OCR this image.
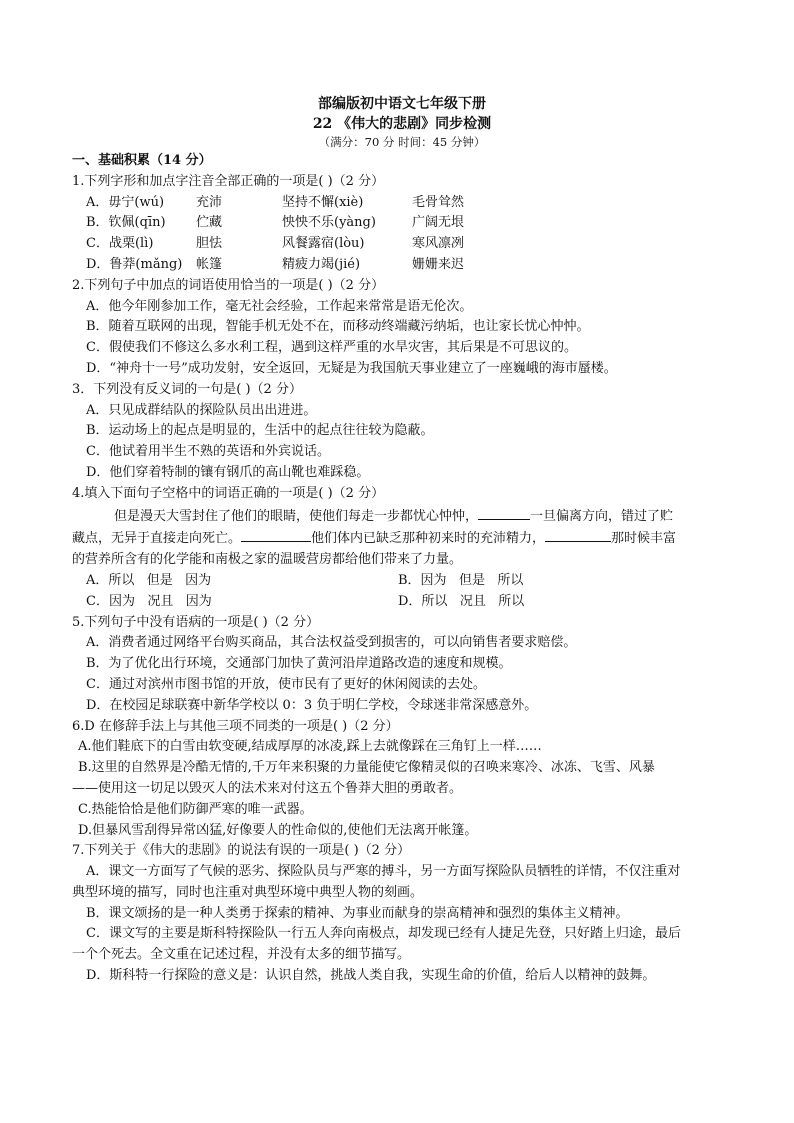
部编版初中语文七年级下册
22 《伟大的悲剧》同步检测
（满分：70 分 时间：45 分钟）
一、基础积累（14 分）
1.下列字形和加点字注音全部正确的一项是( )（2 分）
A．毋宁(wú)	充沛	坚持不懈(xiè)	毛骨耸然
B．钦佩(qīn)	伫藏	怏怏不乐(yàng)	广阔无垠
C．战栗(lì)	胆怯	风餐露宿(lòu)	寒风凛冽
D．鲁莽(mǎng)	帐篷	精疲力竭(jié)	姗姗来迟
2.下列句子中加点的词语使用恰当的一项是( )（2 分）
A．他今年刚参加工作，毫无社会经验，工作起来常常是语无伦次。
B．随着互联网的出现，智能手机无处不在，而移动终端藏污纳垢，也让家长忧心忡忡。
C．假使我们不修这么多水利工程，遇到这样严重的水旱灾害，其后果是不可思议的。
D．“神舟十一号”成功发射，安全返回，无疑是为我国航天事业建立了一座巍峨的海市蜃楼。
3．下列没有反义词的一句是( )（2 分）
A．只见成群结队的探险队员出出进进。
B．运动场上的起点是明显的，生活中的起点往往较为隐蔽。
C．他试着用半生不熟的英语和外宾说话。
D．他们穿着特制的镶有钢爪的高山靴也难踩稳。
4.填入下面句子空格中的词语正确的一项是( )（2 分）
但是漫天大雪封住了他们的眼睛，使他们每走一步都忧心忡忡，	一旦偏离方向，错过了贮
藏点，无异于直接走向死亡。	他们体内已缺乏那种初来时的充沛精力，	那时候丰富
的营养所含有的化学能和南极之家的温暖营房都给他们带来了力量。
A．所以   但是   因为	B．因为   但是   所以
C．因为   况且   因为	D．所以   况且   所以
5.下列句子中没有语病的一项是( )（2 分）
A．消费者通过网络平台购买商品，其合法权益受到损害的，可以向销售者要求赔偿。
B．为了优化出行环境，交通部门加快了黄河沿岸道路改造的速度和规模。
C．通过对滨州市图书馆的开放，使市民有了更好的休闲阅读的去处。
D．在校园足球联赛中新华学校以 0：3 负于明仁学校，令球迷非常深感意外。
6.D 在修辞手法上与其他三项不同类的一项是( )（2 分）
A.他们鞋底下的白雪由软变硬,结成厚厚的冰凌,踩上去就像踩在三角钉上一样……
B.这里的自然界是冷酷无情的,千万年来积聚的力量能使它像精灵似的召唤来寒冷、冰冻、飞雪、风暴
——使用这一切足以毁灭人的法术来对付这五个鲁莽大胆的勇敢者。
C.热能恰恰是他们防御严寒的唯一武器。
D.但暴风雪刮得异常凶猛,好像要人的性命似的,使他们无法离开帐篷。
7.下列关于《伟大的悲剧》的说法有误的一项是( )（2 分）
A．课文一方面写了气候的恶劣、探险队员与严寒的搏斗，另一方面写探险队员牺牲的详情，不仅注重对
典型环境的描写，同时也注重对典型环境中典型人物的刻画。
B．课文颂扬的是一种人类勇于探索的精神、为事业而献身的崇高精神和强烈的集体主义精神。
C．课文写的主要是斯科特探险队一行五人奔向南极点，却发现已经有人捷足先登，只好踏上归途，最后
一个个死去。全文重在记述过程，并没有太多的细节描写。
D．斯科特一行探险的意义是：认识自然，挑战人类自我，实现生命的价值，给后人以精神的鼓舞。
